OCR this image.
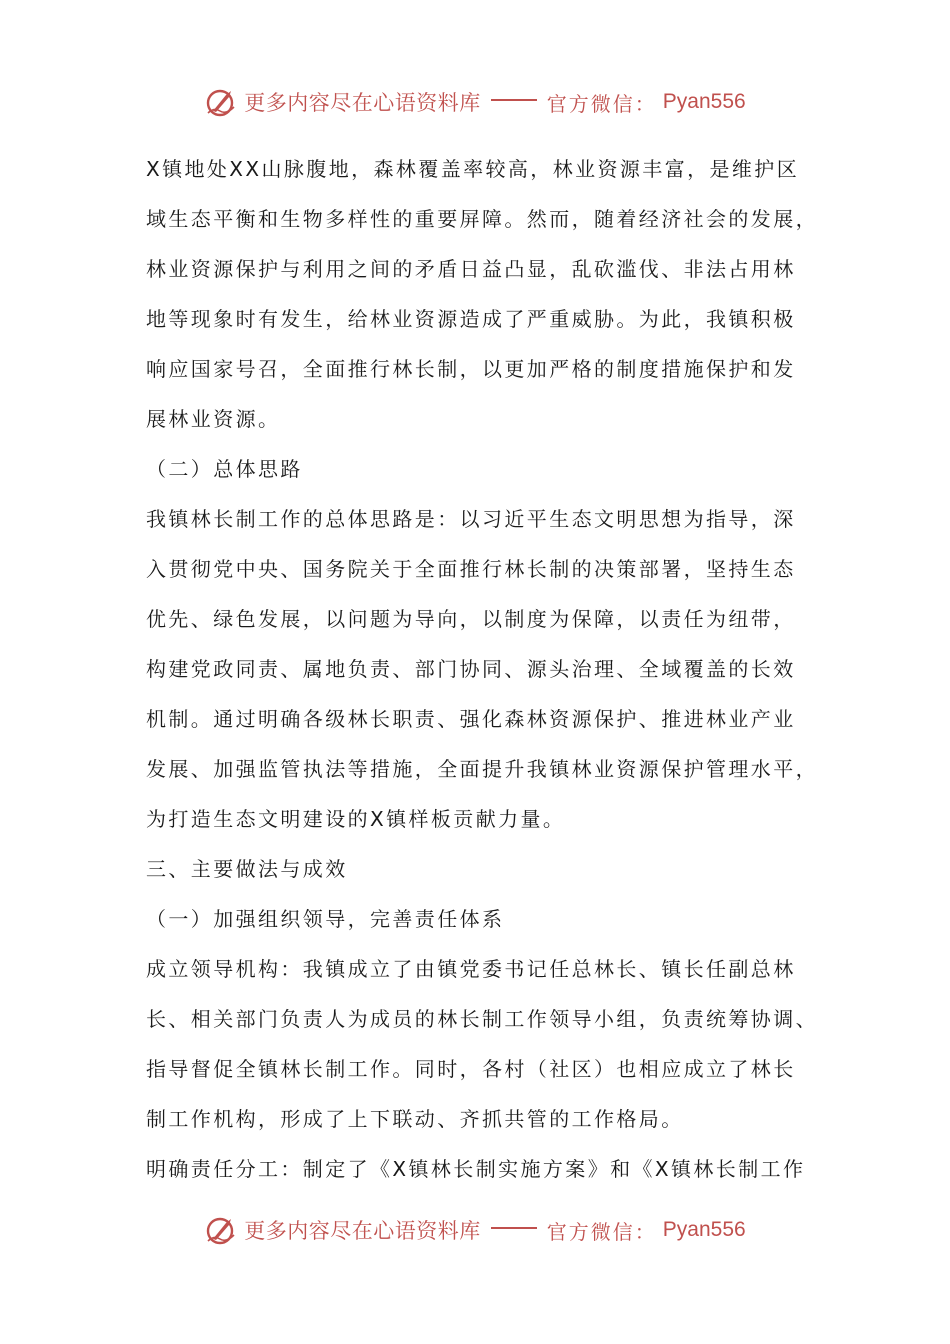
更多内容尽在心语资料库	官方微信： Pyan556
X镇地处XX山脉腹地，森林覆盖率较高，林业资源丰富，是维护区
域生态平衡和生物多样性的重要屏障。然而，随着经济社会的发展，
林业资源保护与利用之间的矛盾日益凸显，乱砍滥伐、非法占用林
地等现象时有发生，给林业资源造成了严重威胁。为此，我镇积极
响应国家号召，全面推行林长制，以更加严格的制度措施保护和发
展林业资源。
（二）总体思路
我镇林长制工作的总体思路是：以习近平生态文明思想为指导，深
入贯彻党中央、国务院关于全面推行林长制的决策部署，坚持生态
优先、绿色发展，以问题为导向，以制度为保障，以责任为纽带，
构建党政同责、属地负责、部门协同、源头治理、全域覆盖的长效
机制。通过明确各级林长职责、强化森林资源保护、推进林业产业
发展、加强监管执法等措施，全面提升我镇林业资源保护管理水平，
为打造生态文明建设的X镇样板贡献力量。
三、主要做法与成效
（一）加强组织领导，完善责任体系
成立领导机构：我镇成立了由镇党委书记任总林长、镇长任副总林
长、相关部门负责人为成员的林长制工作领导小组，负责统筹协调、
指导督促全镇林长制工作。同时，各村（社区）也相应成立了林长
制工作机构，形成了上下联动、齐抓共管的工作格局。
明确责任分工：制定了《X镇林长制实施方案》和《X镇林长制工作
更多内容尽在心语资料库	官方微信： Pyan556
